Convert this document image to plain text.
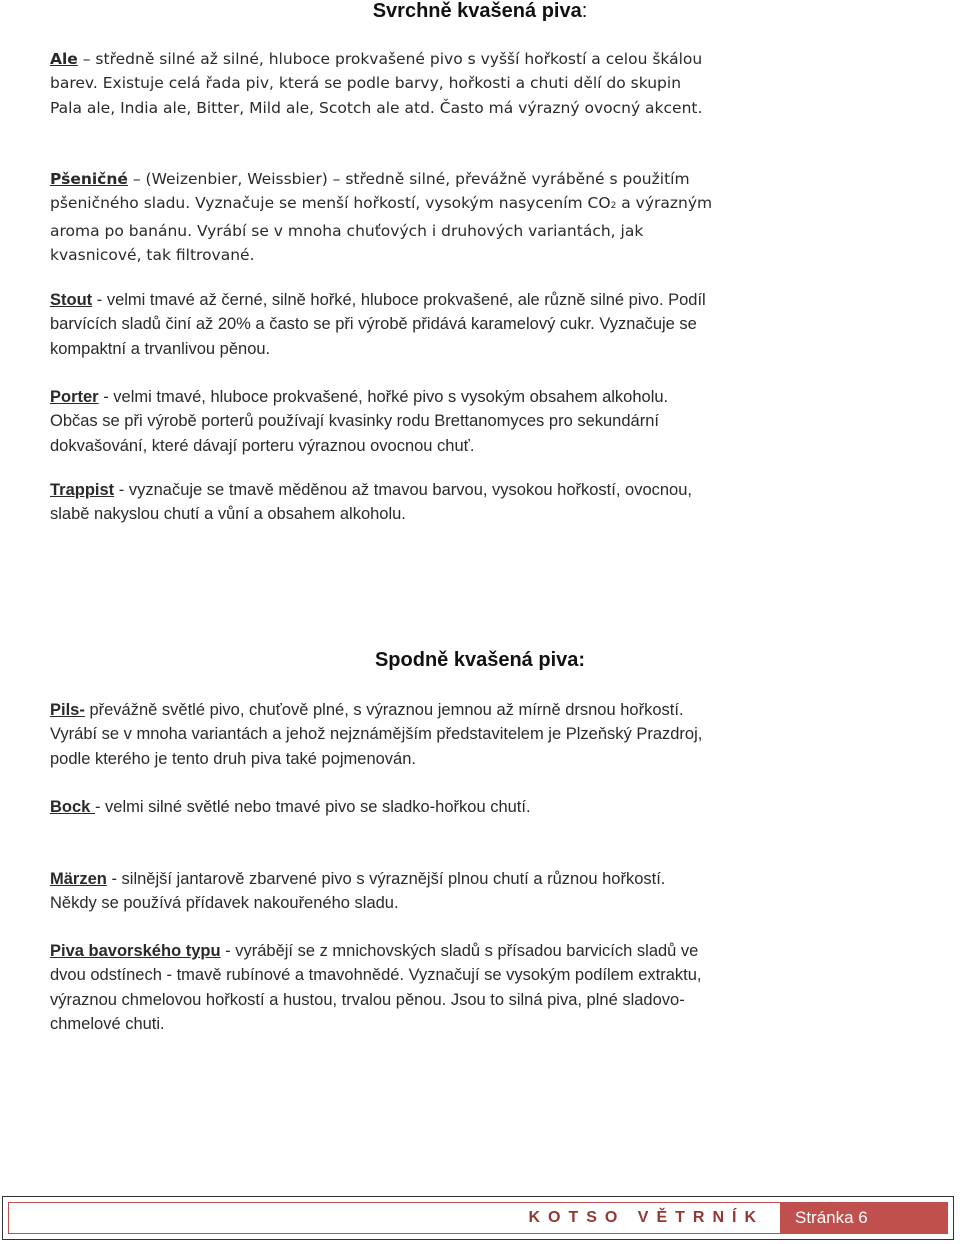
Svrchně kvašená piva:

Ale – středně silné až silné, hluboce prokvašené pivo s vyšší hořkostí a celou škálou barev. Existuje celá řada piv, která se podle barvy, hořkosti a chuti dělí do skupin Pala ale, India ale, Bitter, Mild ale, Scotch ale atd. Často má výrazný ovocný akcent.

Pšeničné – (Weizenbier, Weissbier) – středně silné, převážně vyráběné s použitím pšeničného sladu. Vyznačuje se menší hořkostí, vysokým nasycením CO2 a výrazným aroma po banánu. Vyrábí se v mnoha chuťových i druhových variantách, jak kvasnicové, tak filtrované.

Stout - velmi tmavé až černé, silně hořké, hluboce prokvašené, ale různě silné pivo. Podíl barvících sladů činí až 20% a často se při výrobě přidává karamelový cukr. Vyznačuje se kompaktní a trvanlivou pěnou.

Porter - velmi tmavé, hluboce prokvašené, hořké pivo s vysokým obsahem alkoholu. Občas se při výrobě porterů používají kvasinky rodu Brettanomyces pro sekundární dokvašování, které dávají porteru výraznou ovocnou chuť.

Trappist - vyznačuje se tmavě měděnou až tmavou barvou, vysokou hořkostí, ovocnou, slabě nakyslou chutí a vůní a obsahem alkoholu.

Spodně kvašená piva:

Pils- převážně světlé pivo, chuťově plné, s výraznou jemnou až mírně drsnou hořkostí. Vyrábí se v mnoha variantách a jehož nejznámějším představitelem je Plzeňský Prazdroj, podle kterého je tento druh piva také pojmenován.

Bock - velmi silné světlé nebo tmavé pivo se sladko-hořkou chutí.

Märzen - silnější jantarově zbarvené pivo s výraznější plnou chutí a různou hořkostí. Někdy se používá přídavek nakouřeného sladu.

Piva bavorského typu - vyrábějí se z mnichovských sladů s přísadou barvicích sladů ve dvou odstínech - tmavě rubínové a tmavohnědé. Vyznačují se vysokým podílem extraktu, výraznou chmelovou hořkostí a hustou, trvalou pěnou. Jsou to silná piva, plné sladovo-chmelové chuti.

KOTSO VĚTRNÍK	Stránka 6
